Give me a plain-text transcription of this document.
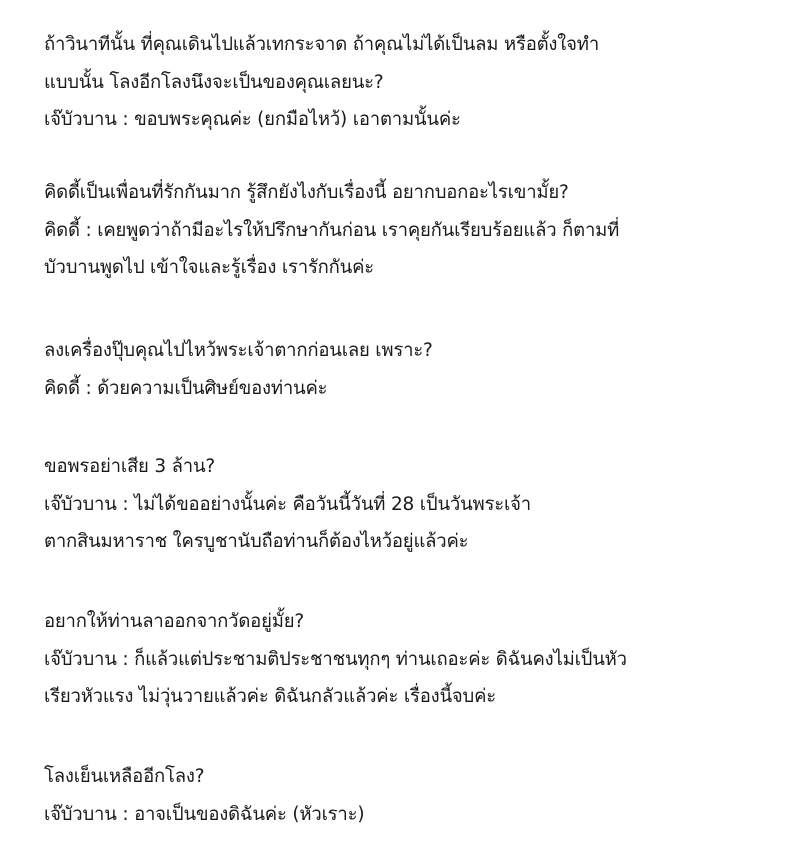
ถ้าวินาทีนั้น ที่คุณเดินไปแล้วเทกระจาด ถ้าคุณไม่ได้เป็นลม หรือตั้งใจทำ
แบบนั้น โลงอีกโลงนึงจะเป็นของคุณเลยนะ?
เจ๊บัวบาน : ขอบพระคุณค่ะ (ยกมือไหว้) เอาตามนั้นค่ะ
คิดดี้เป็นเพื่อนที่รักกันมาก รู้สึกยังไงกับเรื่องนี้ อยากบอกอะไรเขามั้ย?
คิดดี้ : เคยพูดว่าถ้ามีอะไรให้ปรึกษากันก่อน เราคุยกันเรียบร้อยแล้ว ก็ตามที่
บัวบานพูดไป เข้าใจและรู้เรื่อง เรารักกันค่ะ
ลงเครื่องปุ๊บคุณไปไหว้พระเจ้าตากก่อนเลย เพราะ?
คิดดี้ : ด้วยความเป็นศิษย์ของท่านค่ะ
ขอพรอย่าเสีย 3 ล้าน?
เจ๊บัวบาน : ไม่ได้ขออย่างนั้นค่ะ คือวันนี้วันที่ 28 เป็นวันพระเจ้า
ตากสินมหาราช ใครบูชานับถือท่านก็ต้องไหว้อยู่แล้วค่ะ
อยากให้ท่านลาออกจากวัดอยู่มั้ย?
เจ๊บัวบาน : ก็แล้วแต่ประชามติประชาชนทุกๆ ท่านเถอะค่ะ ดิฉันคงไม่เป็นหัว
เรียวหัวแรง ไม่วุ่นวายแล้วค่ะ ดิฉันกลัวแล้วค่ะ เรื่องนี้จบค่ะ
โลงเย็นเหลืออีกโลง?
เจ๊บัวบาน : อาจเป็นของดิฉันค่ะ (หัวเราะ)
